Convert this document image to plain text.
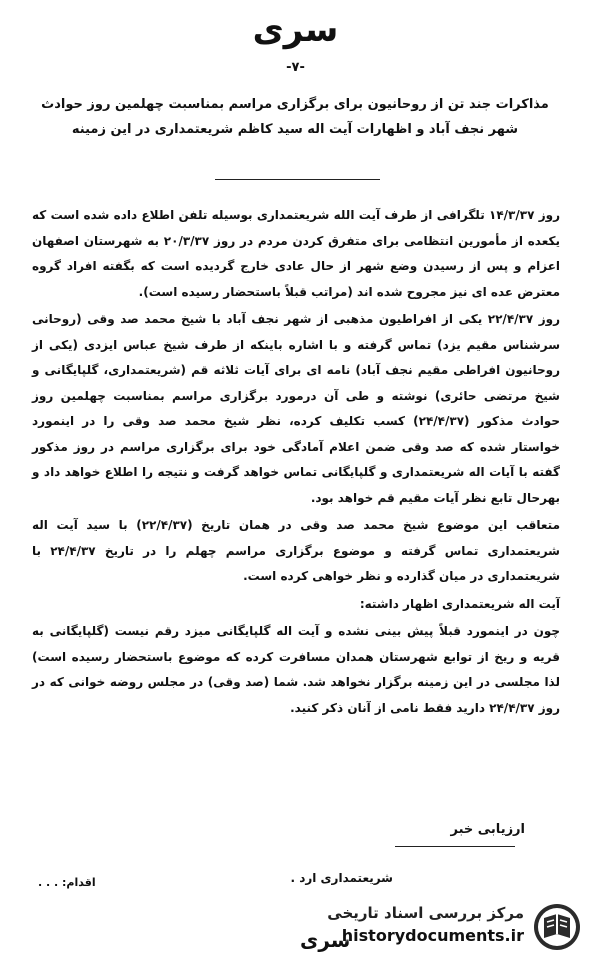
سری
-۷-
مذاکرات جند تن از روحانیون برای برگزاری مراسم بمناسبت چهلمین روز حوادث شهر نجف آباد و اظهارات آیت اله سید کاظم شریعتمداری در این زمینه

روز ۱۴/۳/۳۷ تلگرافی از طرف آیت الله شریعتمداری بوسیله تلفن اطلاع داده شده است که یکعده از مأمورین انتظامی برای متفرق کردن مردم در روز ۲۰/۳/۳۷ به شهرستان اصفهان اعزام و پس از رسیدن وضع شهر از حال عادی خارج گردیده است که بگفته افراد گروه معترض عده ای نیز مجروح شده اند (مراتب قبلاً باستحضار رسیده است).

روز ۲۲/۴/۳۷ یکی از افراطیون مذهبی از شهر نجف آباد با شیخ محمد صد وقی (روحانی سرشناس مقیم یزد) تماس گرفته و با اشاره باینکه از طرف شیخ عباس ایزدی (یکی از روحانیون افراطی مقیم نجف آباد) نامه ای برای آیات ثلاثه قم (شریعتمداری، گلپایگانی و شیخ مرتضی حائری) نوشته و طی آن درمورد برگزاری مراسم بمناسبت چهلمین روز حوادث مذکور (۲۴/۴/۳۷) کسب تکلیف کرده، نظر شیخ محمد صد وقی را در اینمورد خواستار شده که صد وقی ضمن اعلام آمادگی خود برای برگزاری مراسم در روز مذکور گفته با آیات اله شریعتمداری و گلپایگانی تماس خواهد گرفت و نتیجه را اطلاع خواهد داد و بهرحال تابع نظر آیات مقیم قم خواهد بود.

متعاقب این موضوع شیخ محمد صد وقی در همان تاریخ (۲۲/۴/۳۷) با سید آیت اله شریعتمداری تماس گرفته و موضوع برگزاری مراسم چهلم را در تاریخ ۲۴/۴/۳۷ با شریعتمداری در میان گذارده و نظر خواهی کرده است.

آیت اله شریعتمداری اظهار داشته:

چون در اینمورد قبلاً پیش بینی نشده و آیت اله گلپایگانی میزد رقم نیست (گلپایگانی به قریه و ریخ از توابع شهرستان همدان مسافرت کرده که موضوع باستحضار رسیده است) لذا مجلسی در این زمینه برگزار نخواهد شد. شما (صد وقی) در مجلس روضه خوانی که در روز ۲۴/۴/۳۷ دارید فقط نامی از آنان ذکر کنید.

ارزیابی خبر
شریعتمداری ارد .
اقدام: . . .
سری
مرکز بررسی اسناد تاریخی
historydocuments.ir
